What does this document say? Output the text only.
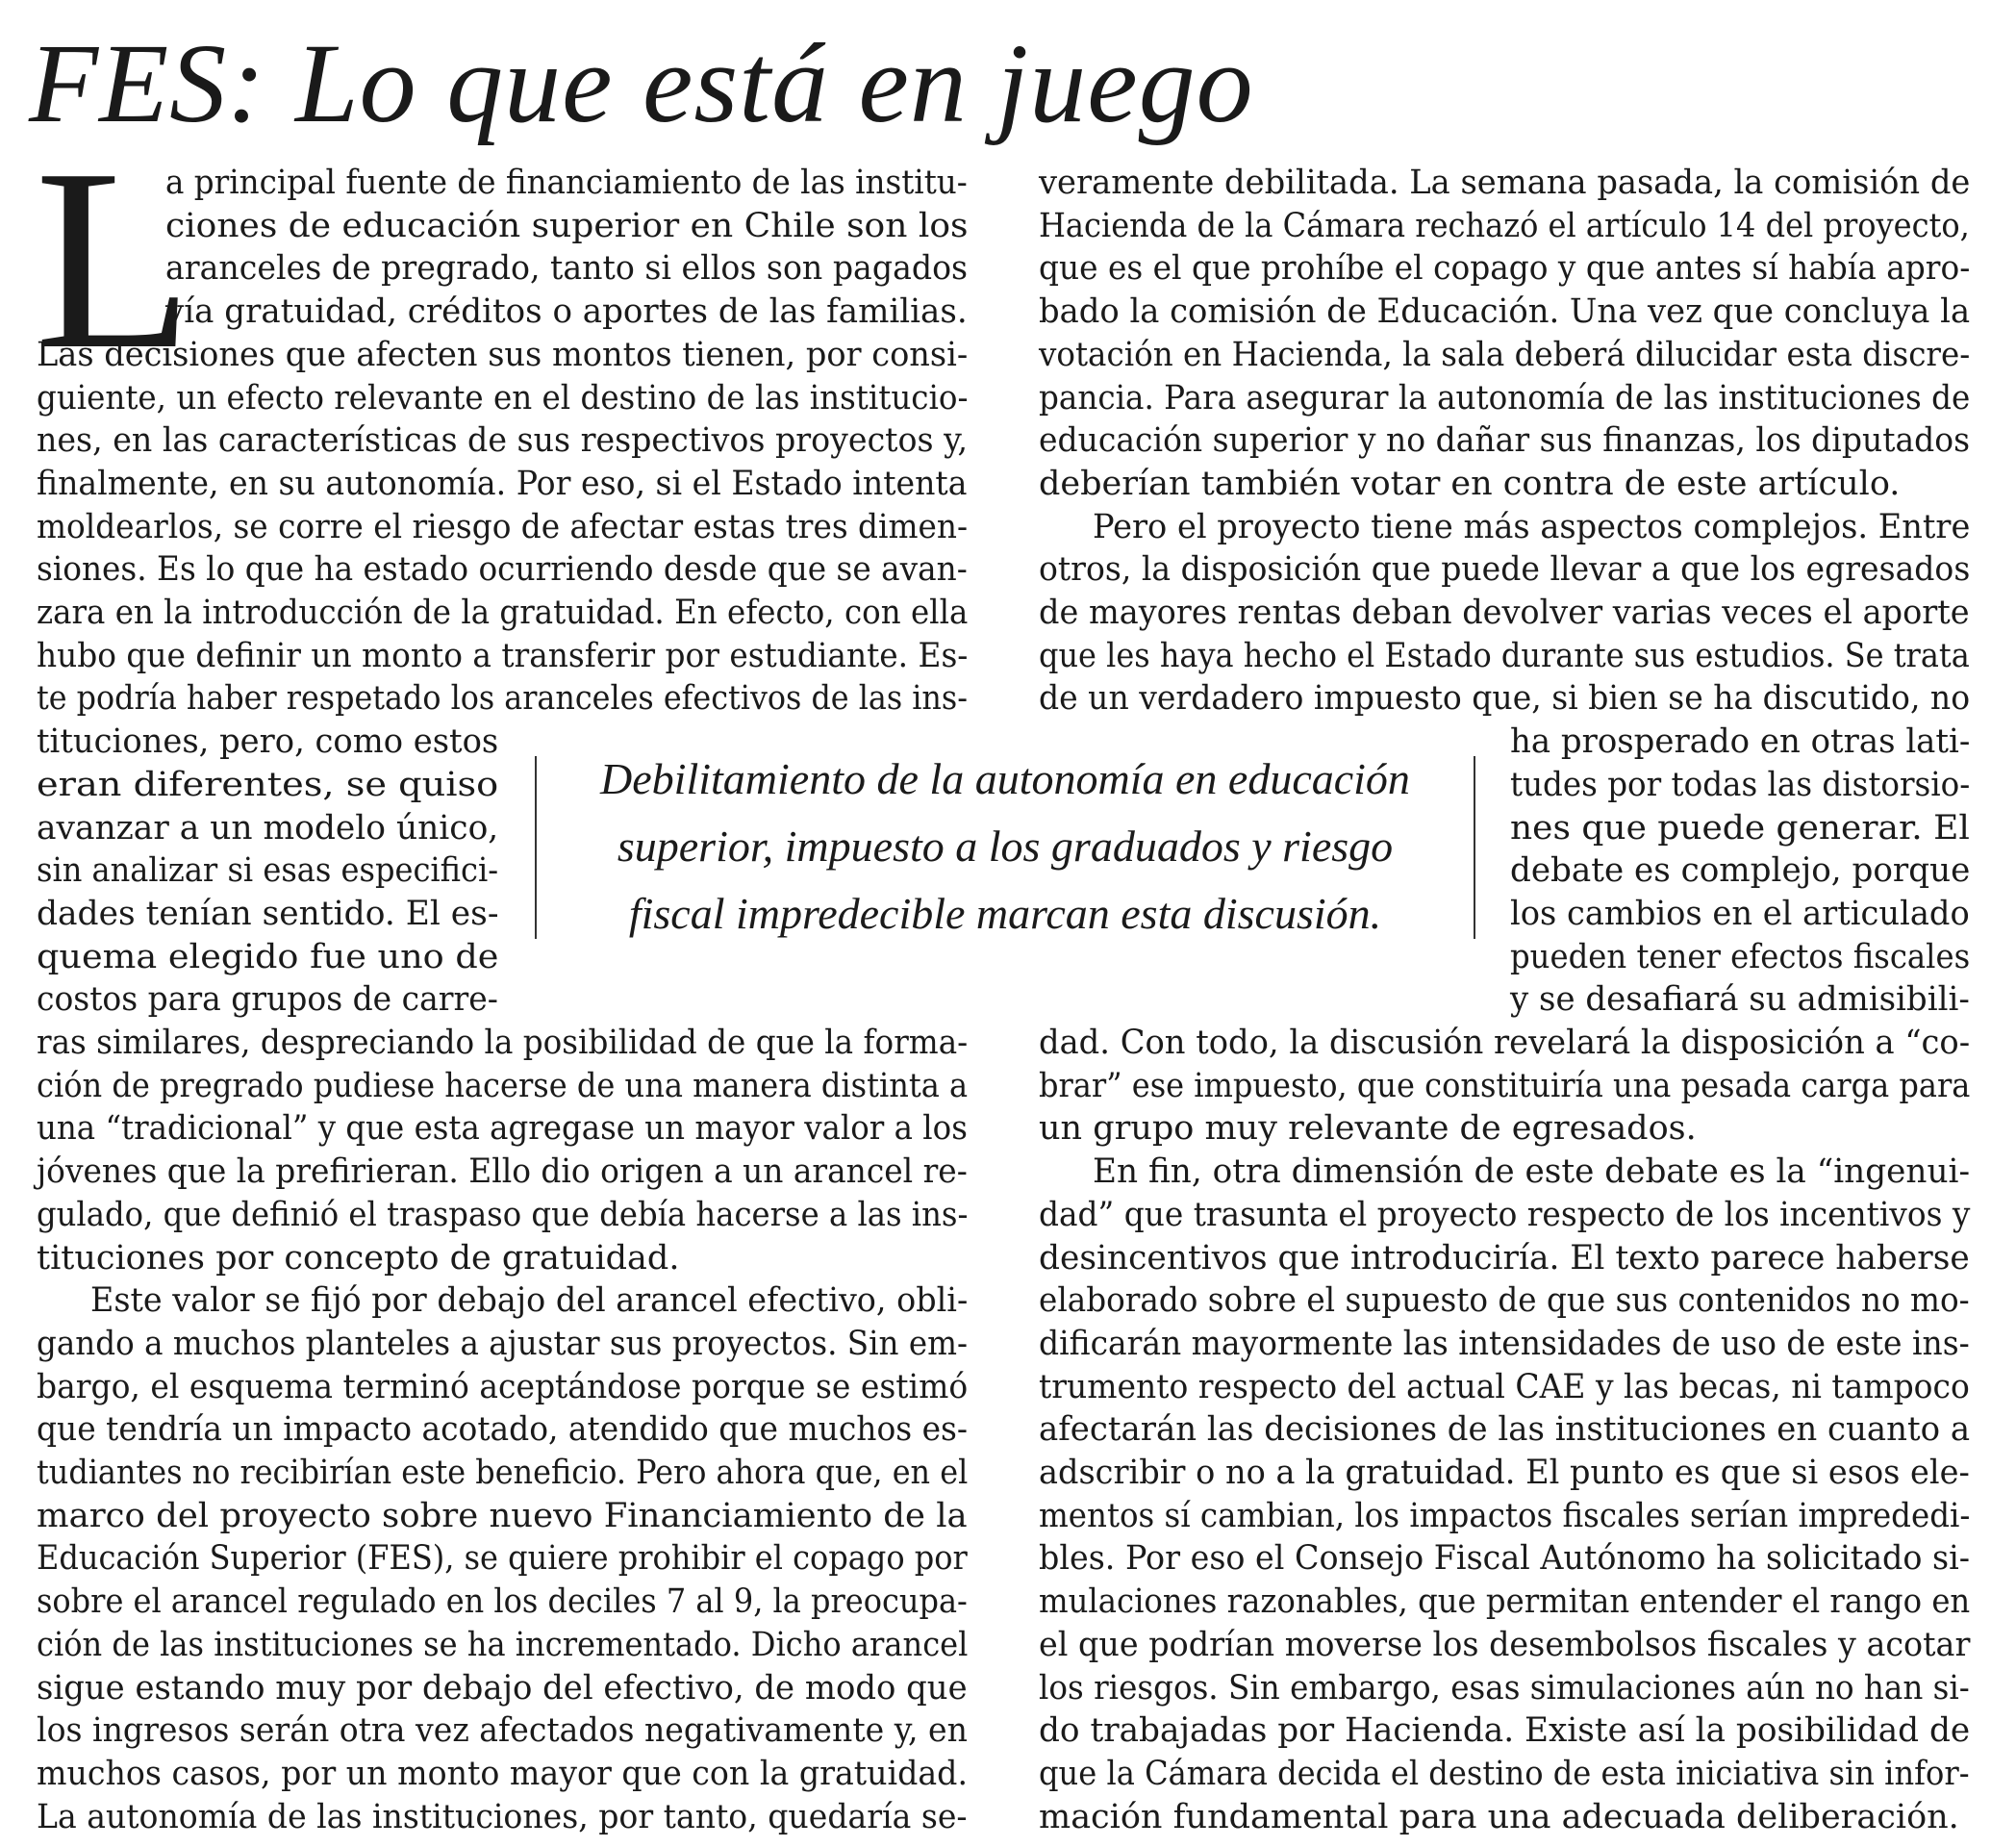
FES: Lo que está en juego
L
a principal fuente de financiamiento de las institu-
ciones de educación superior en Chile son los
aranceles de pregrado, tanto si ellos son pagados
vía gratuidad, créditos o aportes de las familias.
Las decisiones que afecten sus montos tienen, por consi-
guiente, un efecto relevante en el destino de las institucio-
nes, en las características de sus respectivos proyectos y,
finalmente, en su autonomía. Por eso, si el Estado intenta
moldearlos, se corre el riesgo de afectar estas tres dimen-
siones. Es lo que ha estado ocurriendo desde que se avan-
zara en la introducción de la gratuidad. En efecto, con ella
hubo que definir un monto a transferir por estudiante. Es-
te podría haber respetado los aranceles efectivos de las ins-
tituciones, pero, como estos
eran diferentes, se quiso
avanzar a un modelo único,
sin analizar si esas especifici-
dades tenían sentido. El es-
quema elegido fue uno de
costos para grupos de carre-
ras similares, despreciando la posibilidad de que la forma-
ción de pregrado pudiese hacerse de una manera distinta a
una “tradicional” y que esta agregase un mayor valor a los
jóvenes que la prefirieran. Ello dio origen a un arancel re-
gulado, que definió el traspaso que debía hacerse a las ins-
tituciones por concepto de gratuidad.
Este valor se fijó por debajo del arancel efectivo, obli-
gando a muchos planteles a ajustar sus proyectos. Sin em-
bargo, el esquema terminó aceptándose porque se estimó
que tendría un impacto acotado, atendido que muchos es-
tudiantes no recibirían este beneficio. Pero ahora que, en el
marco del proyecto sobre nuevo Financiamiento de la
Educación Superior (FES), se quiere prohibir el copago por
sobre el arancel regulado en los deciles 7 al 9, la preocupa-
ción de las instituciones se ha incrementado. Dicho arancel
sigue estando muy por debajo del efectivo, de modo que
los ingresos serán otra vez afectados negativamente y, en
muchos casos, por un monto mayor que con la gratuidad.
La autonomía de las instituciones, por tanto, quedaría se-
veramente debilitada. La semana pasada, la comisión de
Hacienda de la Cámara rechazó el artículo 14 del proyecto,
que es el que prohíbe el copago y que antes sí había apro-
bado la comisión de Educación. Una vez que concluya la
votación en Hacienda, la sala deberá dilucidar esta discre-
pancia. Para asegurar la autonomía de las instituciones de
educación superior y no dañar sus finanzas, los diputados
deberían también votar en contra de este artículo.
Pero el proyecto tiene más aspectos complejos. Entre
otros, la disposición que puede llevar a que los egresados
de mayores rentas deban devolver varias veces el aporte
que les haya hecho el Estado durante sus estudios. Se trata
de un verdadero impuesto que, si bien se ha discutido, no
ha prosperado en otras lati-
tudes por todas las distorsio-
nes que puede generar. El
debate es complejo, porque
los cambios en el articulado
pueden tener efectos fiscales
y se desafiará su admisibili-
dad. Con todo, la discusión revelará la disposición a “co-
brar” ese impuesto, que constituiría una pesada carga para
un grupo muy relevante de egresados.
En fin, otra dimensión de este debate es la “ingenui-
dad” que trasunta el proyecto respecto de los incentivos y
desincentivos que introduciría. El texto parece haberse
elaborado sobre el supuesto de que sus contenidos no mo-
dificarán mayormente las intensidades de uso de este ins-
trumento respecto del actual CAE y las becas, ni tampoco
afectarán las decisiones de las instituciones en cuanto a
adscribir o no a la gratuidad. El punto es que si esos ele-
mentos sí cambian, los impactos fiscales serían imprededi-
bles. Por eso el Consejo Fiscal Autónomo ha solicitado si-
mulaciones razonables, que permitan entender el rango en
el que podrían moverse los desembolsos fiscales y acotar
los riesgos. Sin embargo, esas simulaciones aún no han si-
do trabajadas por Hacienda. Existe así la posibilidad de
que la Cámara decida el destino de esta iniciativa sin infor-
mación fundamental para una adecuada deliberación.
Debilitamiento de la autonomía en educación
superior, impuesto a los graduados y riesgo
fiscal impredecible marcan esta discusión.
